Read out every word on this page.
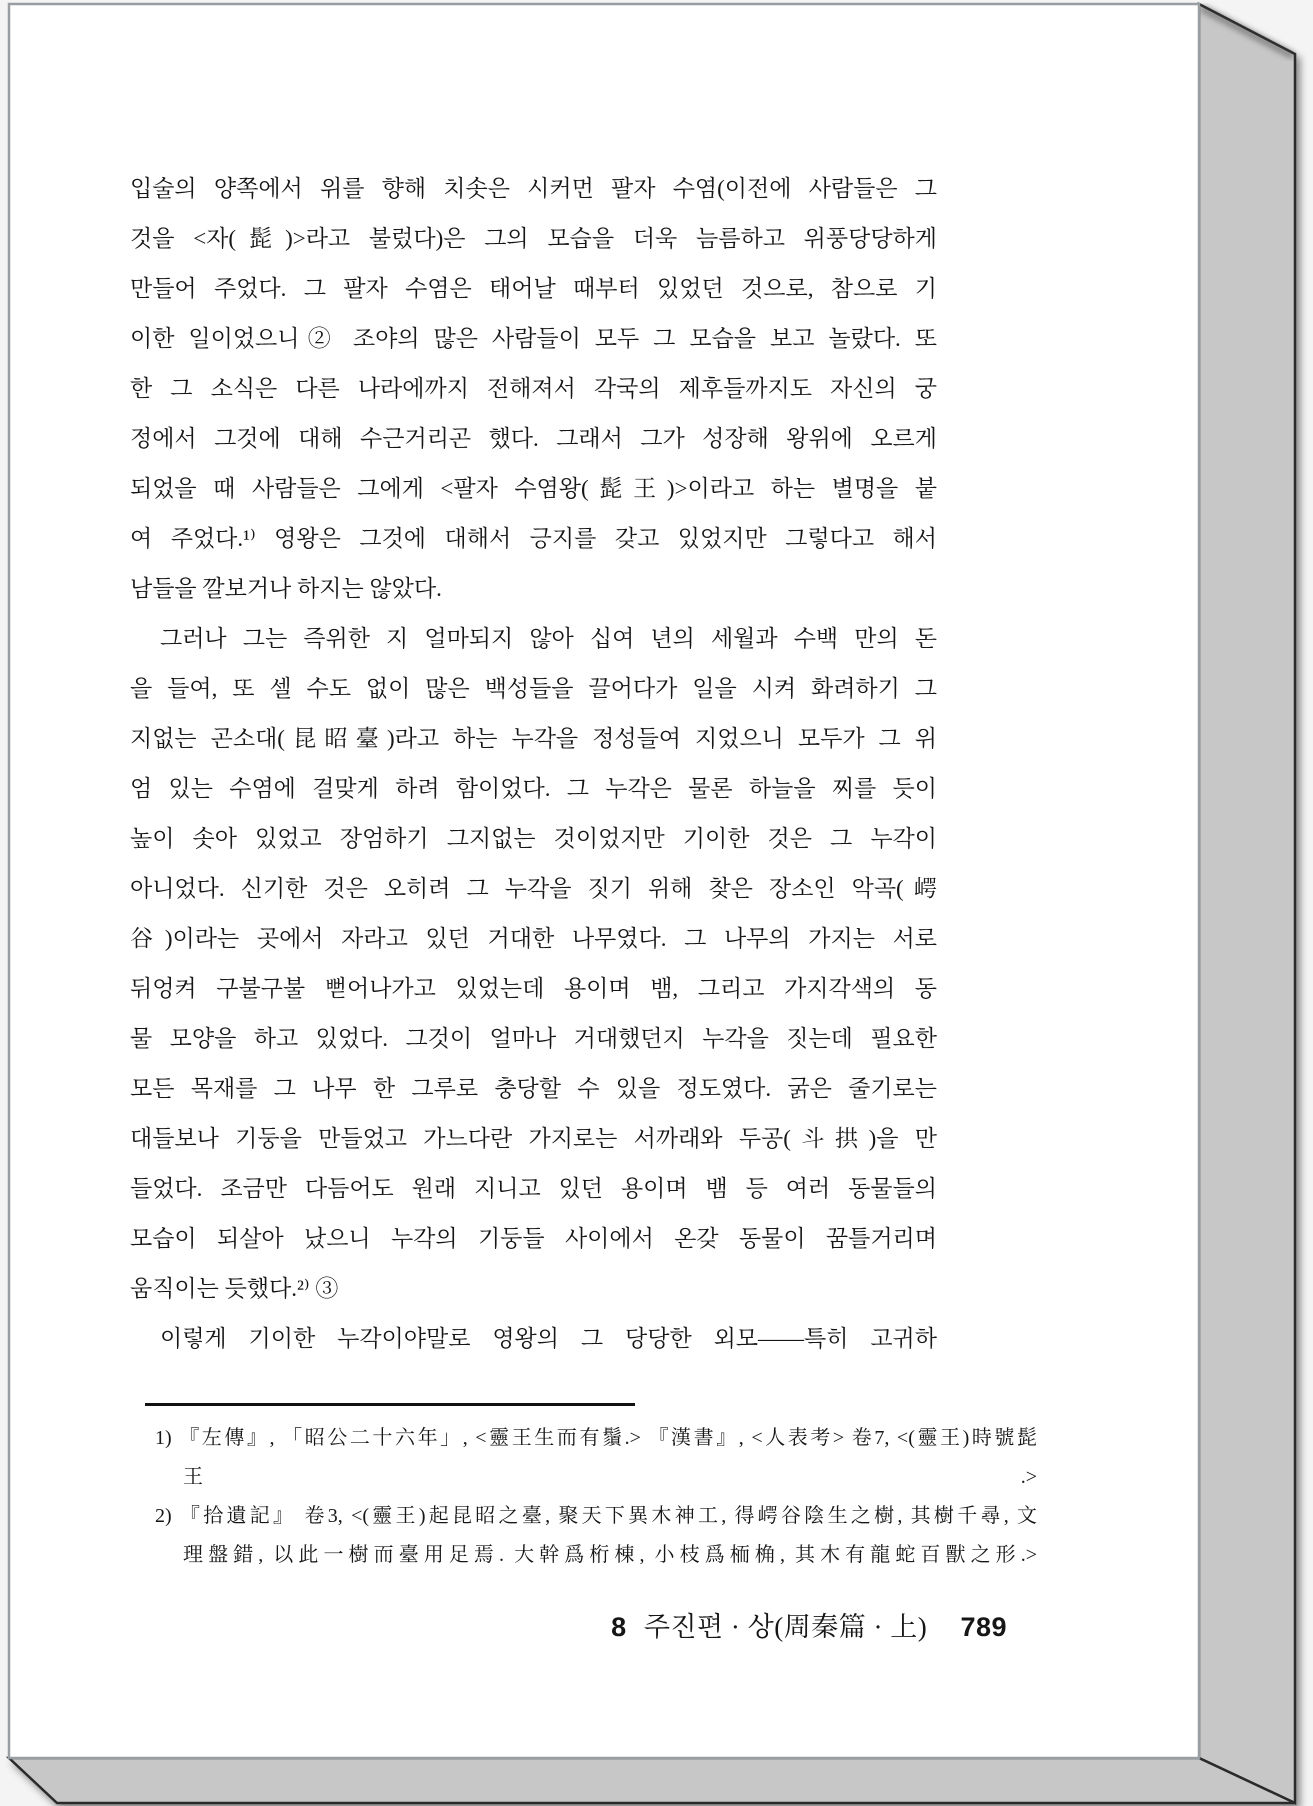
입술의 양쪽에서 위를 향해 치솟은 시커먼 팔자 수염(이전에 사람들은 그
것을 <자(髭)>라고 불렀다)은 그의 모습을 더욱 늠름하고 위풍당당하게
만들어 주었다. 그 팔자 수염은 태어날 때부터 있었던 것으로, 참으로 기
이한 일이었으니② 조야의 많은 사람들이 모두 그 모습을 보고 놀랐다. 또
한 그 소식은 다른 나라에까지 전해져서 각국의 제후들까지도 자신의 궁
정에서 그것에 대해 수근거리곤 했다. 그래서 그가 성장해 왕위에 오르게
되었을 때 사람들은 그에게 <팔자 수염왕(髭王)>이라고 하는 별명을 붙
여 주었다.¹⁾ 영왕은 그것에 대해서 긍지를 갖고 있었지만 그렇다고 해서
남들을 깔보거나 하지는 않았다.
그러나 그는 즉위한 지 얼마되지 않아 십여 년의 세월과 수백 만의 돈
을 들여, 또 셀 수도 없이 많은 백성들을 끌어다가 일을 시켜 화려하기 그
지없는 곤소대(昆昭臺)라고 하는 누각을 정성들여 지었으니 모두가 그 위
엄 있는 수염에 걸맞게 하려 함이었다. 그 누각은 물론 하늘을 찌를 듯이
높이 솟아 있었고 장엄하기 그지없는 것이었지만 기이한 것은 그 누각이
아니었다. 신기한 것은 오히려 그 누각을 짓기 위해 찾은 장소인 악곡(崿
谷)이라는 곳에서 자라고 있던 거대한 나무였다. 그 나무의 가지는 서로
뒤엉켜 구불구불 뻗어나가고 있었는데 용이며 뱀, 그리고 가지각색의 동
물 모양을 하고 있었다. 그것이 얼마나 거대했던지 누각을 짓는데 필요한
모든 목재를 그 나무 한 그루로 충당할 수 있을 정도였다. 굵은 줄기로는
대들보나 기둥을 만들었고 가느다란 가지로는 서까래와 두공(斗拱)을 만
들었다. 조금만 다듬어도 원래 지니고 있던 용이며 뱀 등 여러 동물들의
모습이 되살아 났으니 누각의 기둥들 사이에서 온갖 동물이 꿈틀거리며
움직이는 듯했다.²⁾ ③
이렇게 기이한 누각이야말로 영왕의 그 당당한 외모——특히 고귀하
1) 『左傳』, 「昭公二十六年」, <靈王生而有鬚.> 『漢書』, <人表考> 卷7, <(靈王)時號髭
王.>
2) 『拾遺記』 卷3, <(靈王)起昆昭之臺, 聚天下異木神工, 得崿谷陰生之樹, 其樹千尋, 文
理盤錯, 以此一樹而臺用足焉. 大幹爲桁棟, 小枝爲栭桷, 其木有龍蛇百獸之形.>
8 주진편 · 상(周秦篇 · 上) 789
